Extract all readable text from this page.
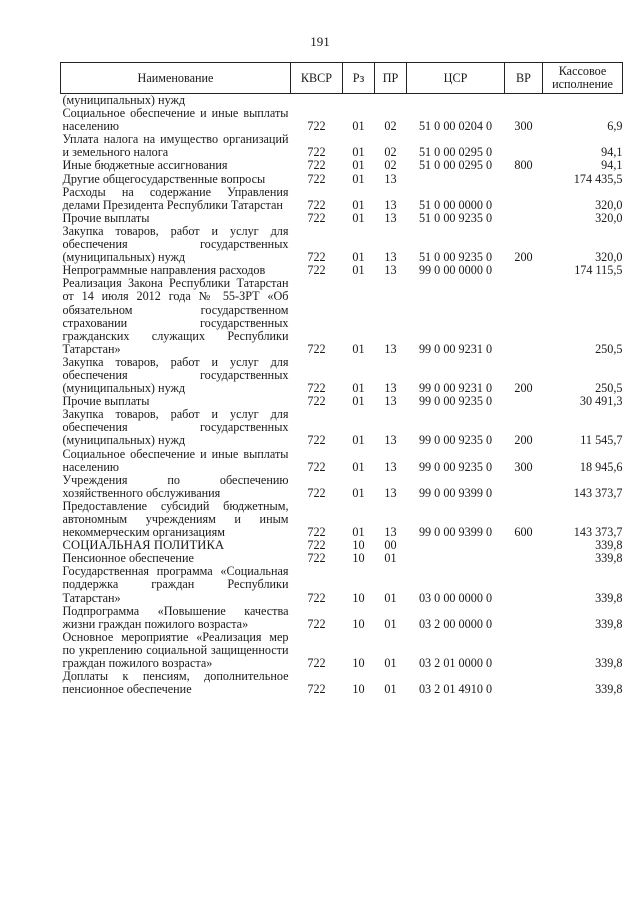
191
Наименование	КВСР	Рз	ПР	ЦСР	ВР	Кассовое исполнение
(муниципальных) нужд						
Социальное обеспечение и иные выплаты населению	722	01	02	51 0 00 0204 0	300	6,9
Уплата налога на имущество организаций и земельного налога	722	01	02	51 0 00 0295 0		94,1
Иные бюджетные ассигнования	722	01	02	51 0 00 0295 0	800	94,1
Другие общегосударственные вопросы	722	01	13			174 435,5
Расходы на содержание Управления делами Президента Республики Татарстан	722	01	13	51 0 00 0000 0		320,0
Прочие выплаты	722	01	13	51 0 00 9235 0		320,0
Закупка товаров, работ и услуг для обеспечения государственных (муниципальных) нужд	722	01	13	51 0 00 9235 0	200	320,0
Непрограммные направления расходов	722	01	13	99 0 00 0000 0		174 115,5
Реализация Закона Республики Татарстан от 14 июля 2012 года № 55-ЗРТ «Об обязательном государственном страховании государственных гражданских служащих Республики Татарстан»	722	01	13	99 0 00 9231 0		250,5
Закупка товаров, работ и услуг для обеспечения государственных (муниципальных) нужд	722	01	13	99 0 00 9231 0	200	250,5
Прочие выплаты	722	01	13	99 0 00 9235 0		30 491,3
Закупка товаров, работ и услуг для обеспечения государственных (муниципальных) нужд	722	01	13	99 0 00 9235 0	200	11 545,7
Социальное обеспечение и иные выплаты населению	722	01	13	99 0 00 9235 0	300	18 945,6
Учреждения по обеспечению хозяйственного обслуживания	722	01	13	99 0 00 9399 0		143 373,7
Предоставление субсидий бюджетным, автономным учреждениям и иным некоммерческим организациям	722	01	13	99 0 00 9399 0	600	143 373,7
СОЦИАЛЬНАЯ ПОЛИТИКА	722	10	00			339,8
Пенсионное обеспечение	722	10	01			339,8
Государственная программа «Социальная поддержка граждан Республики Татарстан»	722	10	01	03 0 00 0000 0		339,8
Подпрограмма «Повышение качества жизни граждан пожилого возраста»	722	10	01	03 2 00 0000 0		339,8
Основное мероприятие «Реализация мер по укреплению социальной защищенности граждан пожилого возраста»	722	10	01	03 2 01 0000 0		339,8
Доплаты к пенсиям, дополнительное пенсионное обеспечение	722	10	01	03 2 01 4910 0		339,8
